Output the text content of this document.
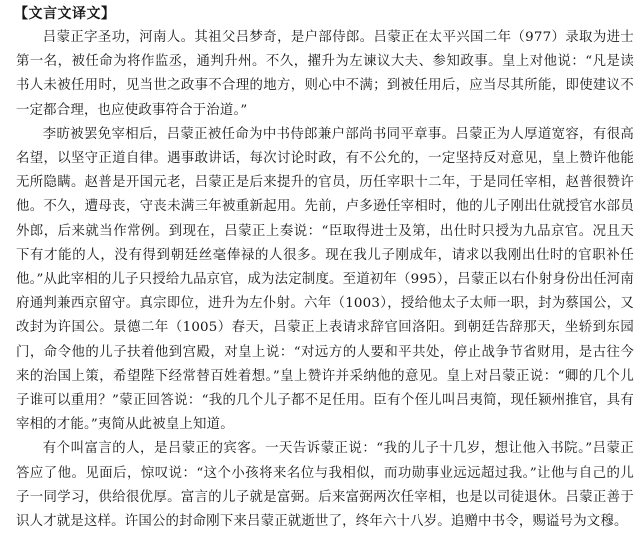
【文言文译文】

吕蒙正字圣功，河南人。其祖父吕梦奇，是户部侍郎。吕蒙正在太平兴国二年（977）录取为进士第一名，被任命为将作监丞，通判升州。不久，擢升为左谏议大夫、参知政事。皇上对他说：“凡是读书人未被任用时，见当世之政事不合理的地方，则心中不满；到被任用后，应当尽其所能，即使建议不一定都合理，也应使政事符合于治道。”

李昉被罢免宰相后，吕蒙正被任命为中书侍郎兼户部尚书同平章事。吕蒙正为人厚道宽容，有很高名望，以坚守正道自律。遇事敢讲话，每次讨论时政，有不公允的，一定坚持反对意见，皇上赞许他能无所隐瞒。赵普是开国元老，吕蒙正是后来提升的官员，历任宰职十二年，于是同任宰相，赵普很赞许他。不久，遭母丧，守丧未满三年被重新起用。先前，卢多逊任宰相时，他的儿子刚出仕就授官水部员外郎，后来就当作常例。到现在，吕蒙正上奏说：“臣取得进士及第，出仕时只授为九品京官。况且天下有才能的人，没有得到朝廷丝毫俸禄的人很多。现在我儿子刚成年，请求以我刚出仕时的官职补任他。”从此宰相的儿子只授给九品京官，成为法定制度。至道初年（995），吕蒙正以右仆射身份出任河南府通判兼西京留守。真宗即位，进升为左仆射。六年（1003），授给他太子太师一职，封为蔡国公，又改封为许国公。景德二年（1005）春天，吕蒙正上表请求辞官回洛阳。到朝廷告辞那天，坐轿到东园门，命令他的儿子扶着他到宫殿，对皇上说：“对远方的人要和平共处，停止战争节省财用，是古往今来的治国上策，希望陛下经常替百姓着想。”皇上赞许并采纳他的意见。皇上对吕蒙正说：“卿的几个儿子谁可以重用？”蒙正回答说：“我的几个儿子都不足任用。臣有个侄儿叫吕夷简，现任颍州推官，具有宰相的才能。”夷简从此被皇上知道。

有个叫富言的人，是吕蒙正的宾客。一天告诉蒙正说：“我的儿子十几岁，想让他入书院。”吕蒙正答应了他。见面后，惊叹说：“这个小孩将来名位与我相似，而功勋事业远远超过我。”让他与自己的儿子一同学习，供给很优厚。富言的儿子就是富弼。后来富弼两次任宰相，也是以司徒退休。吕蒙正善于识人才就是这样。许国公的封命刚下来吕蒙正就逝世了，终年六十八岁。追赠中书令，赐谥号为文穆。
